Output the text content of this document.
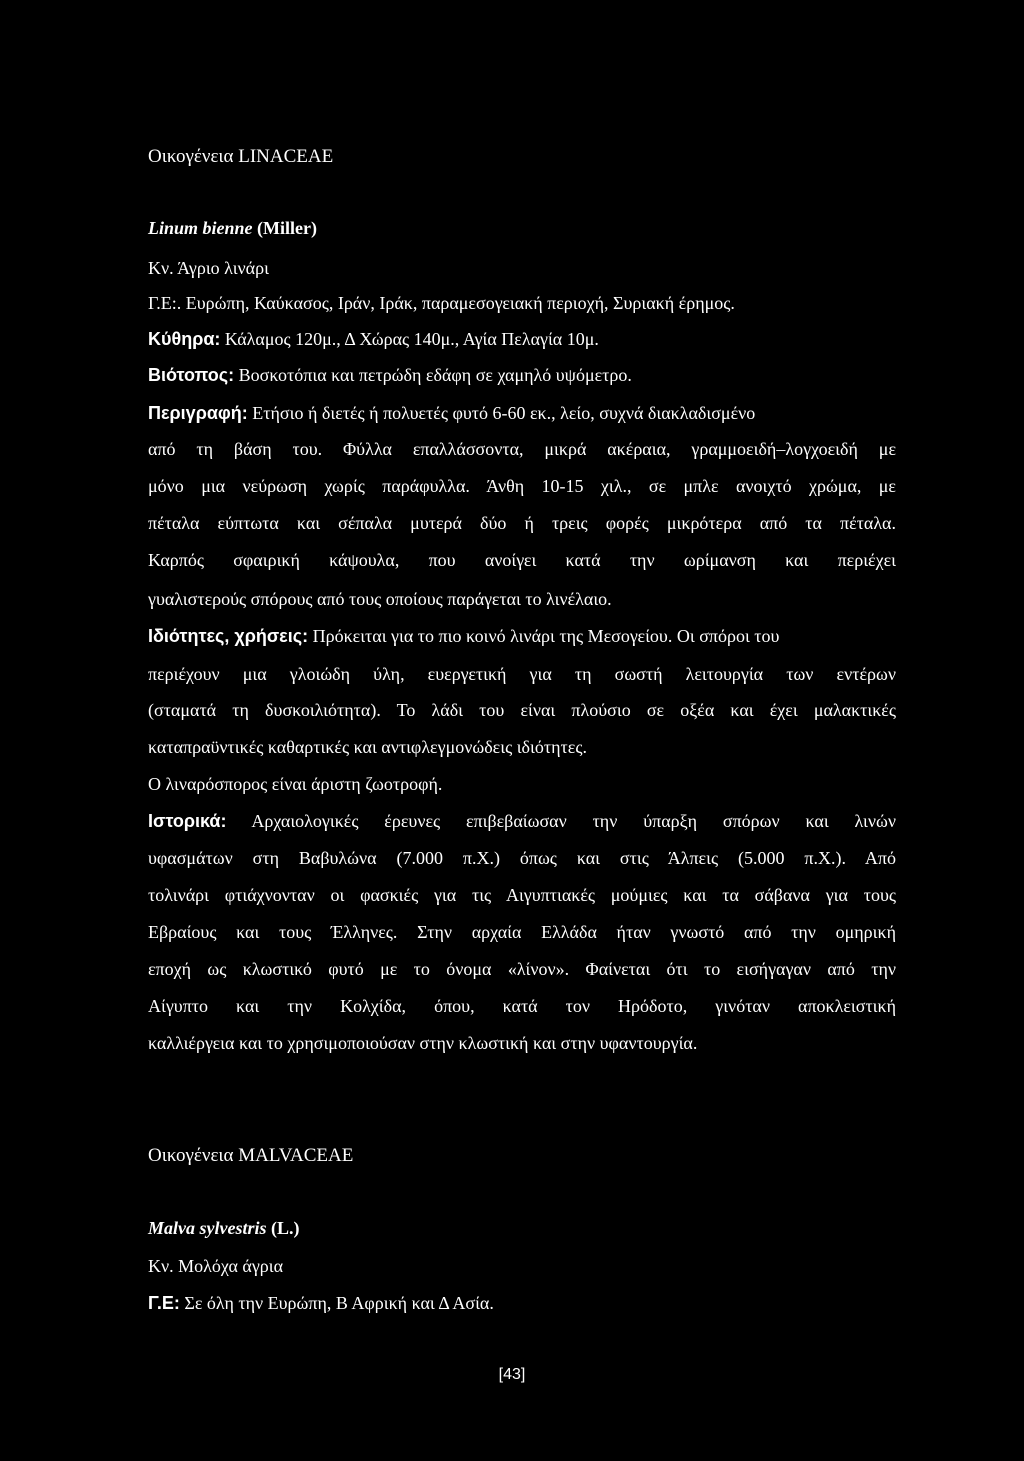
Οικογένεια LINACEAE
Linum bienne (Miller)
Κν. Άγριο λινάρι
Γ.Ε:. Ευρώπη, Καύκασος, Ιράν, Ιράκ, παραμεσογειακή περιοχή, Συριακή έρημος.
Κύθηρα: Κάλαμος 120μ., Δ Χώρας 140μ., Αγία Πελαγία 10μ.
Βιότοπος: Βοσκοτόπια και πετρώδη εδάφη σε χαμηλό υψόμετρο.
Περιγραφή: Ετήσιο ή διετές ή πολυετές φυτό 6-60 εκ., λείο, συχνά διακλαδισμένο
από τη βάση του. Φύλλα επαλλάσσοντα, μικρά ακέραια, γραμμοειδή–λογχοειδή με
μόνο μια νεύρωση χωρίς παράφυλλα. Άνθη 10-15 χιλ., σε μπλε ανοιχτό χρώμα, με
πέταλα εύπτωτα και σέπαλα μυτερά δύο ή τρεις φορές μικρότερα από τα πέταλα.
Καρπός σφαιρική κάψουλα, που ανοίγει κατά την ωρίμανση και περιέχει
γυαλιστερούς σπόρους από τους οποίους παράγεται το λινέλαιο.
Ιδιότητες, χρήσεις: Πρόκειται για το πιο κοινό λινάρι της Μεσογείου. Οι σπόροι του
περιέχουν μια γλοιώδη ύλη, ευεργετική για τη σωστή λειτουργία των εντέρων
(σταματά τη δυσκοιλιότητα). Το λάδι του είναι πλούσιο σε οξέα και έχει μαλακτικές
καταπραϋντικές καθαρτικές και αντιφλεγμονώδεις ιδιότητες.
Ο λιναρόσπορος είναι άριστη ζωοτροφή.
Ιστορικά: Αρχαιολογικές έρευνες επιβεβαίωσαν την ύπαρξη σπόρων και λινών
υφασμάτων στη Βαβυλώνα (7.000 π.Χ.) όπως και στις Άλπεις (5.000 π.Χ.). Από
τολινάρι φτιάχνονταν οι φασκιές για τις Αιγυπτιακές μούμιες και τα σάβανα για τους
Εβραίους και τους Έλληνες. Στην αρχαία Ελλάδα ήταν γνωστό από την ομηρική
εποχή ως κλωστικό φυτό με το όνομα «λίνον». Φαίνεται ότι το εισήγαγαν από την
Αίγυπτο και την Κολχίδα, όπου, κατά τον Ηρόδοτο, γινόταν αποκλειστική
καλλιέργεια και το χρησιμοποιούσαν στην κλωστική και στην υφαντουργία.
Οικογένεια MALVACEAE
Malva sylvestris (L.)
Κν. Μολόχα άγρια
Γ.Ε: Σε όλη την Ευρώπη, Β Αφρική και Δ Ασία.
[43]
